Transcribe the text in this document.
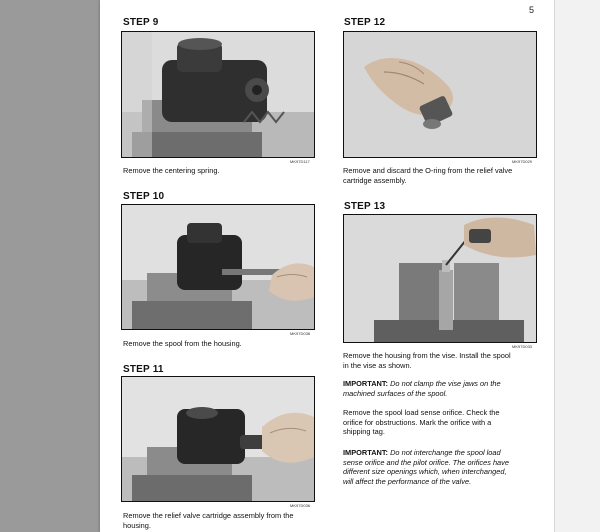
5
STEP 9
MK97D117
Remove the centering spring.
STEP 10
MK97D038
Remove the spool from the housing.
STEP 11
MK97D036
Remove the relief valve cartridge assembly from the
housing.
STEP 12
MK97D029
Remove and discard the O-ring from the relief valve
cartridge assembly.
STEP 13
MK97D033
Remove the housing from the vise. Install the spool
in the vise as shown.
IMPORTANT: Do not clamp the vise jaws on the
machined surfaces of the spool.
Remove the spool load sense orifice. Check the
orifice for obstructions. Mark the orifice with a
shipping tag.
IMPORTANT: Do not interchange the spool load
sense orifice and the pilot orifice. The orifices have
different size openings which, when interchanged,
will affect the performance of the valve.
